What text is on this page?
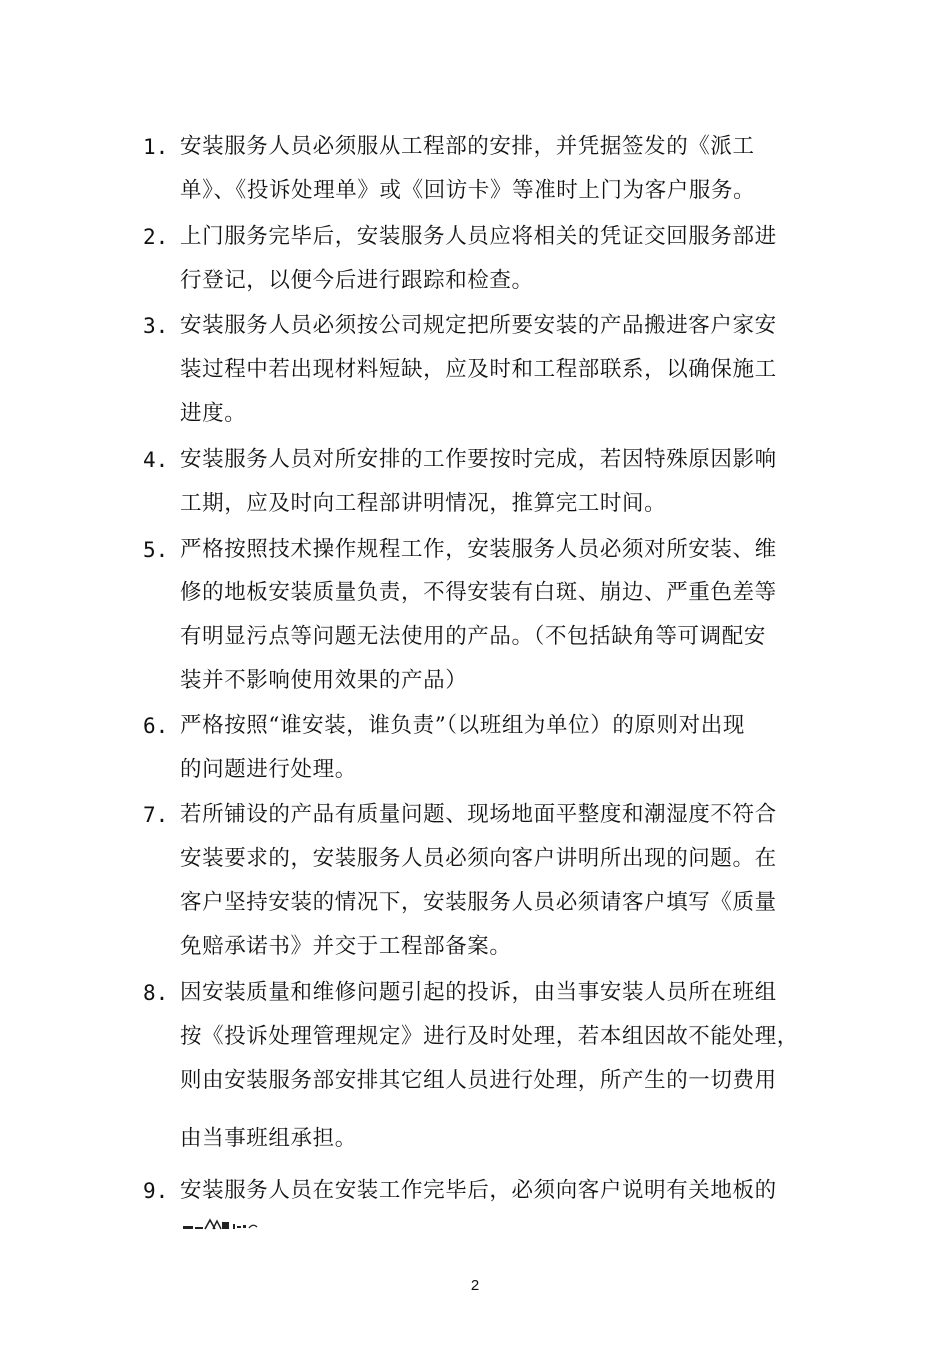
1. 安装服务人员必须服从工程部的安排，并凭据签发的《派工
单》、《投诉处理单》或《回访卡》等准时上门为客户服务。
2. 上门服务完毕后，安装服务人员应将相关的凭证交回服务部进
行登记，以便今后进行跟踪和检查。
3. 安装服务人员必须按公司规定把所要安装的产品搬进客户家安
装过程中若出现材料短缺，应及时和工程部联系，以确保施工
进度。
4. 安装服务人员对所安排的工作要按时完成，若因特殊原因影响
工期，应及时向工程部讲明情况，推算完工时间。
5. 严格按照技术操作规程工作，安装服务人员必须对所安装、维
修的地板安装质量负责，不得安装有白斑、崩边、严重色差等
有明显污点等问题无法使用的产品。（不包括缺角等可调配安
装并不影响使用效果的产品）
6. 严格按照“谁安装，谁负责”（以班组为单位）的原则对出现
的问题进行处理。
7. 若所铺设的产品有质量问题、现场地面平整度和潮湿度不符合
安装要求的，安装服务人员必须向客户讲明所出现的问题。在
客户坚持安装的情况下，安装服务人员必须请客户填写《质量
免赔承诺书》并交于工程部备案。
8. 因安装质量和维修问题引起的投诉，由当事安装人员所在班组
按《投诉处理管理规定》进行及时处理，若本组因故不能处理，
则由安装服务部安排其它组人员进行处理，所产生的一切费用
由当事班组承担。
9. 安装服务人员在安装工作完毕后，必须向客户说明有关地板的
2
